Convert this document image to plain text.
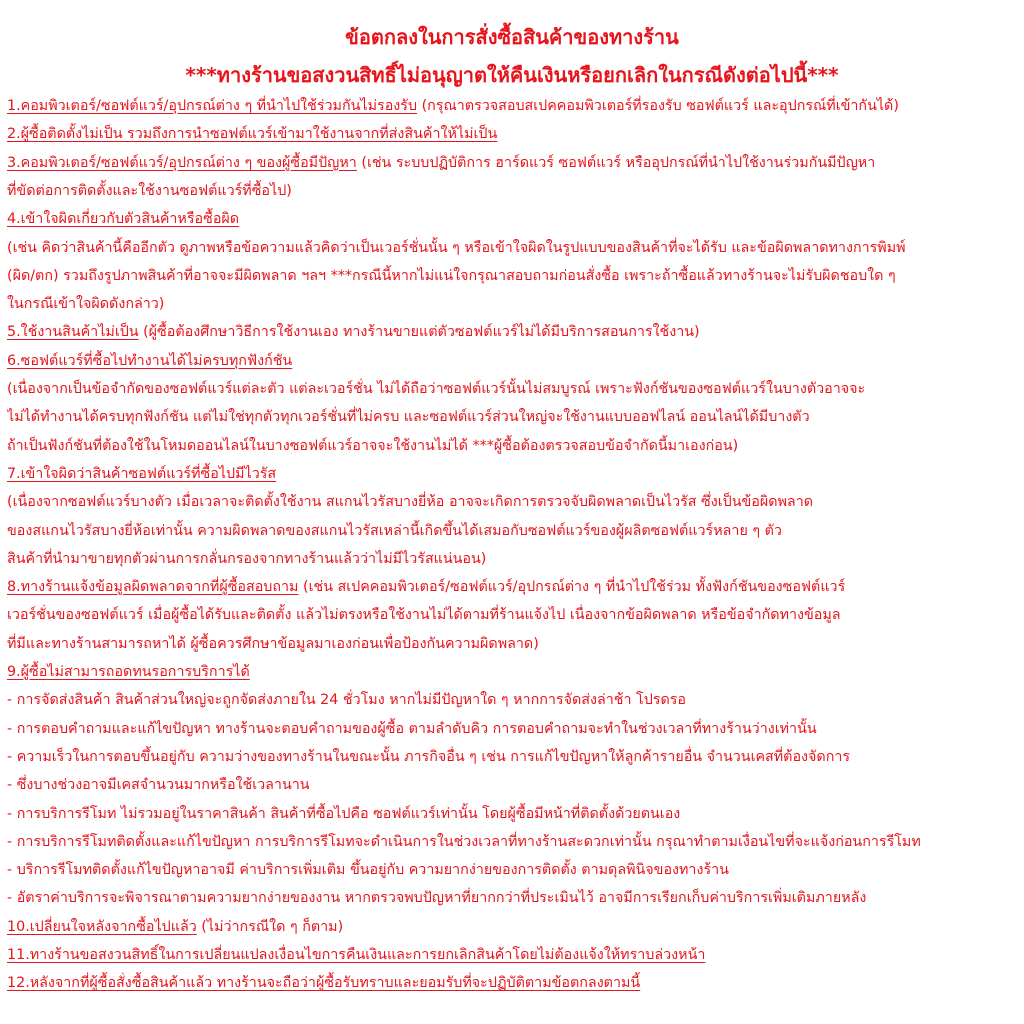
ข้อตกลงในการสั่งซื้อสินค้าของทางร้าน
***ทางร้านขอสงวนสิทธิ์ไม่อนุญาตให้คืนเงินหรือยกเลิกในกรณีดังต่อไปนี้***
1.คอมพิวเตอร์/ซอฟต์แวร์/อุปกรณ์ต่าง ๆ ที่นำไปใช้ร่วมกันไม่รองรับ (กรุณาตรวจสอบสเปคคอมพิวเตอร์ที่รองรับ ซอฟต์แวร์ และอุปกรณ์ที่เข้ากันได้)
2.ผู้ซื้อติดตั้งไม่เป็น รวมถึงการนำซอฟต์แวร์เข้ามาใช้งานจากที่ส่งสินค้าให้ไม่เป็น
3.คอมพิวเตอร์/ซอฟต์แวร์/อุปกรณ์ต่าง ๆ ของผู้ซื้อมีปัญหา (เช่น ระบบปฏิบัติการ ฮาร์ดแวร์ ซอฟต์แวร์ หรืออุปกรณ์ที่นำไปใช้งานร่วมกันมีปัญหา
ที่ขัดต่อการติดตั้งและใช้งานซอฟต์แวร์ที่ซื้อไป)
4.เข้าใจผิดเกี่ยวกับตัวสินค้าหรือซื้อผิด
(เช่น คิดว่าสินค้านี้คืออีกตัว ดูภาพหรือข้อความแล้วคิดว่าเป็นเวอร์ชั่นนั้น ๆ หรือเข้าใจผิดในรูปแบบของสินค้าที่จะได้รับ และข้อผิดพลาดทางการพิมพ์
(ผิด/ตก) รวมถึงรูปภาพสินค้าที่อาจจะมีผิดพลาด ฯลฯ ***กรณีนี้หากไม่แน่ใจกรุณาสอบถามก่อนสั่งซื้อ เพราะถ้าซื้อแล้วทางร้านจะไม่รับผิดชอบใด ๆ
ในกรณีเข้าใจผิดดังกล่าว)
5.ใช้งานสินค้าไม่เป็น (ผู้ซื้อต้องศึกษาวิธีการใช้งานเอง ทางร้านขายแต่ตัวซอฟต์แวร์ไม่ได้มีบริการสอนการใช้งาน)
6.ซอฟต์แวร์ที่ซื้อไปทำงานได้ไม่ครบทุกฟังก์ชัน
(เนื่องจากเป็นข้อจำกัดของซอฟต์แวร์แต่ละตัว แต่ละเวอร์ชั่น ไม่ได้ถือว่าซอฟต์แวร์นั้นไม่สมบูรณ์ เพราะฟังก์ชันของซอฟต์แวร์ในบางตัวอาจจะ
ไม่ได้ทำงานได้ครบทุกฟังก์ชัน แต่ไม่ใช่ทุกตัวทุกเวอร์ชั่นที่ไม่ครบ และซอฟต์แวร์ส่วนใหญ่จะใช้งานแบบออฟไลน์ ออนไลน์ได้มีบางตัว
ถ้าเป็นฟังก์ชันที่ต้องใช้ในโหมดออนไลน์ในบางซอฟต์แวร์อาจจะใช้งานไม่ได้ ***ผู้ซื้อต้องตรวจสอบข้อจำกัดนี้มาเองก่อน)
7.เข้าใจผิดว่าสินค้าซอฟต์แวร์ที่ซื้อไปมีไวรัส
(เนื่องจากซอฟต์แวร์บางตัว เมื่อเวลาจะติดตั้งใช้งาน สแกนไวรัสบางยี่ห้อ อาจจะเกิดการตรวจจับผิดพลาดเป็นไวรัส ซึ่งเป็นข้อผิดพลาด
ของสแกนไวรัสบางยี่ห้อเท่านั้น ความผิดพลาดของสแกนไวรัสเหล่านี้เกิดขึ้นได้เสมอกับซอฟต์แวร์ของผู้ผลิตซอฟต์แวร์หลาย ๆ ตัว
สินค้าที่นำมาขายทุกตัวผ่านการกลั่นกรองจากทางร้านแล้วว่าไม่มีไวรัสแน่นอน)
8.ทางร้านแจ้งข้อมูลผิดพลาดจากที่ผู้ซื้อสอบถาม (เช่น สเปคคอมพิวเตอร์/ซอฟต์แวร์/อุปกรณ์ต่าง ๆ ที่นำไปใช้ร่วม ทั้งฟังก์ชันของซอฟต์แวร์
เวอร์ชั่นของซอฟต์แวร์ เมื่อผู้ซื้อได้รับและติดตั้ง แล้วไม่ตรงหรือใช้งานไม่ได้ตามที่ร้านแจ้งไป เนื่องจากข้อผิดพลาด หรือข้อจำกัดทางข้อมูล
ที่มีและทางร้านสามารถหาได้ ผู้ซื้อควรศึกษาข้อมูลมาเองก่อนเพื่อป้องกันความผิดพลาด)
9.ผู้ซื้อไม่สามารถอดทนรอการบริการได้
- การจัดส่งสินค้า สินค้าส่วนใหญ่จะถูกจัดส่งภายใน 24 ชั่วโมง หากไม่มีปัญหาใด ๆ หากการจัดส่งล่าช้า โปรดรอ
- การตอบคำถามและแก้ไขปัญหา ทางร้านจะตอบคำถามของผู้ซื้อ ตามลำดับคิว การตอบคำถามจะทำในช่วงเวลาที่ทางร้านว่างเท่านั้น
- ความเร็วในการตอบขึ้นอยู่กับ ความว่างของทางร้านในขณะนั้น ภารกิจอื่น ๆ เช่น การแก้ไขปัญหาให้ลูกค้ารายอื่น จำนวนเคสที่ต้องจัดการ
- ซึ่งบางช่วงอาจมีเคสจำนวนมากหรือใช้เวลานาน
- การบริการรีโมท ไม่รวมอยู่ในราคาสินค้า สินค้าที่ซื้อไปคือ ซอฟต์แวร์เท่านั้น โดยผู้ซื้อมีหน้าที่ติดตั้งด้วยตนเอง
- การบริการรีโมทติดตั้งและแก้ไขปัญหา การบริการรีโมทจะดำเนินการในช่วงเวลาที่ทางร้านสะดวกเท่านั้น กรุณาทำตามเงื่อนไขที่จะแจ้งก่อนการรีโมท
- บริการรีโมทติดตั้งแก้ไขปัญหาอาจมี ค่าบริการเพิ่มเติม ขึ้นอยู่กับ ความยากง่ายของการติดตั้ง ตามดุลพินิจของทางร้าน
- อัตราค่าบริการจะพิจารณาตามความยากง่ายของงาน หากตรวจพบปัญหาที่ยากกว่าที่ประเมินไว้ อาจมีการเรียกเก็บค่าบริการเพิ่มเติมภายหลัง
10.เปลี่ยนใจหลังจากซื้อไปแล้ว (ไม่ว่ากรณีใด ๆ ก็ตาม)
11.ทางร้านขอสงวนสิทธิ์ในการเปลี่ยนแปลงเงื่อนไขการคืนเงินและการยกเลิกสินค้าโดยไม่ต้องแจ้งให้ทราบล่วงหน้า
12.หลังจากที่ผู้ซื้อสั่งซื้อสินค้าแล้ว ทางร้านจะถือว่าผู้ซื้อรับทราบและยอมรับที่จะปฏิบัติตามข้อตกลงตามนี้
